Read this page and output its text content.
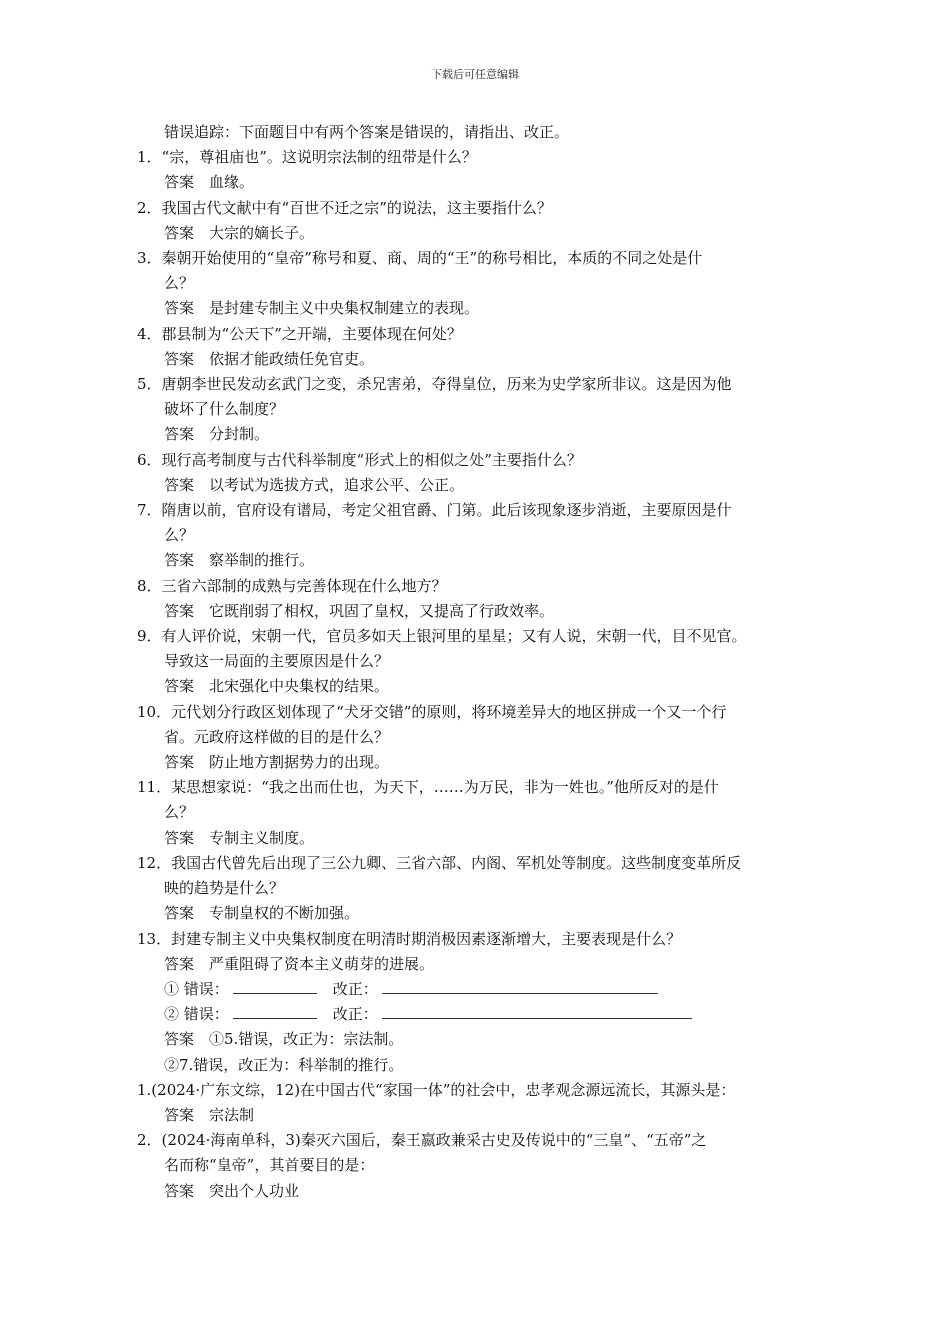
下载后可任意编辑
错误追踪：下面题目中有两个答案是错误的，请指出、改正。
1．“宗，尊祖庙也”。这说明宗法制的纽带是什么？
答案　血缘。
2．我国古代文献中有“百世不迁之宗”的说法，这主要指什么？
答案　大宗的嫡长子。
3．秦朝开始使用的“皇帝”称号和夏、商、周的“王”的称号相比，本质的不同之处是什
么？
答案　是封建专制主义中央集权制建立的表现。
4．郡县制为“公天下”之开端，主要体现在何处？
答案　依据才能政绩任免官吏。
5．唐朝李世民发动玄武门之变，杀兄害弟，夺得皇位，历来为史学家所非议。这是因为他
破坏了什么制度？
答案　分封制。
6．现行高考制度与古代科举制度“形式上的相似之处”主要指什么？
答案　以考试为选拔方式，追求公平、公正。
7．隋唐以前，官府设有谱局，考定父祖官爵、门第。此后该现象逐步消逝，主要原因是什
么？
答案　察举制的推行。
8．三省六部制的成熟与完善体现在什么地方？
答案　它既削弱了相权，巩固了皇权，又提高了行政效率。
9．有人评价说，宋朝一代，官员多如天上银河里的星星；又有人说，宋朝一代，目不见官。
导致这一局面的主要原因是什么？
答案　北宋强化中央集权的结果。
10．元代划分行政区划体现了“犬牙交错”的原则，将环境差异大的地区拼成一个又一个行
省。元政府这样做的目的是什么？
答案　防止地方割据势力的出现。
11．某思想家说：“我之出而仕也，为天下，……为万民，非为一姓也。”他所反对的是什
么？
答案　专制主义制度。
12．我国古代曾先后出现了三公九卿、三省六部、内阁、军机处等制度。这些制度变革所反
映的趋势是什么？
答案　专制皇权的不断加强。
13．封建专制主义中央集权制度在明清时期消极因素逐渐增大，主要表现是什么？
答案　严重阻碍了资本主义萌芽的进展。
① 错误：	改正：
② 错误：	改正：
答案　①5.错误，改正为：宗法制。
②7.错误，改正为：科举制的推行。
1.(2024·广东文综，12)在中国古代“家国一体”的社会中，忠孝观念源远流长，其源头是：
答案　宗法制
2．(2024·海南单科，3)秦灭六国后，秦王嬴政兼采古史及传说中的“三皇”、“五帝”之
名而称“皇帝”，其首要目的是：
答案　突出个人功业
